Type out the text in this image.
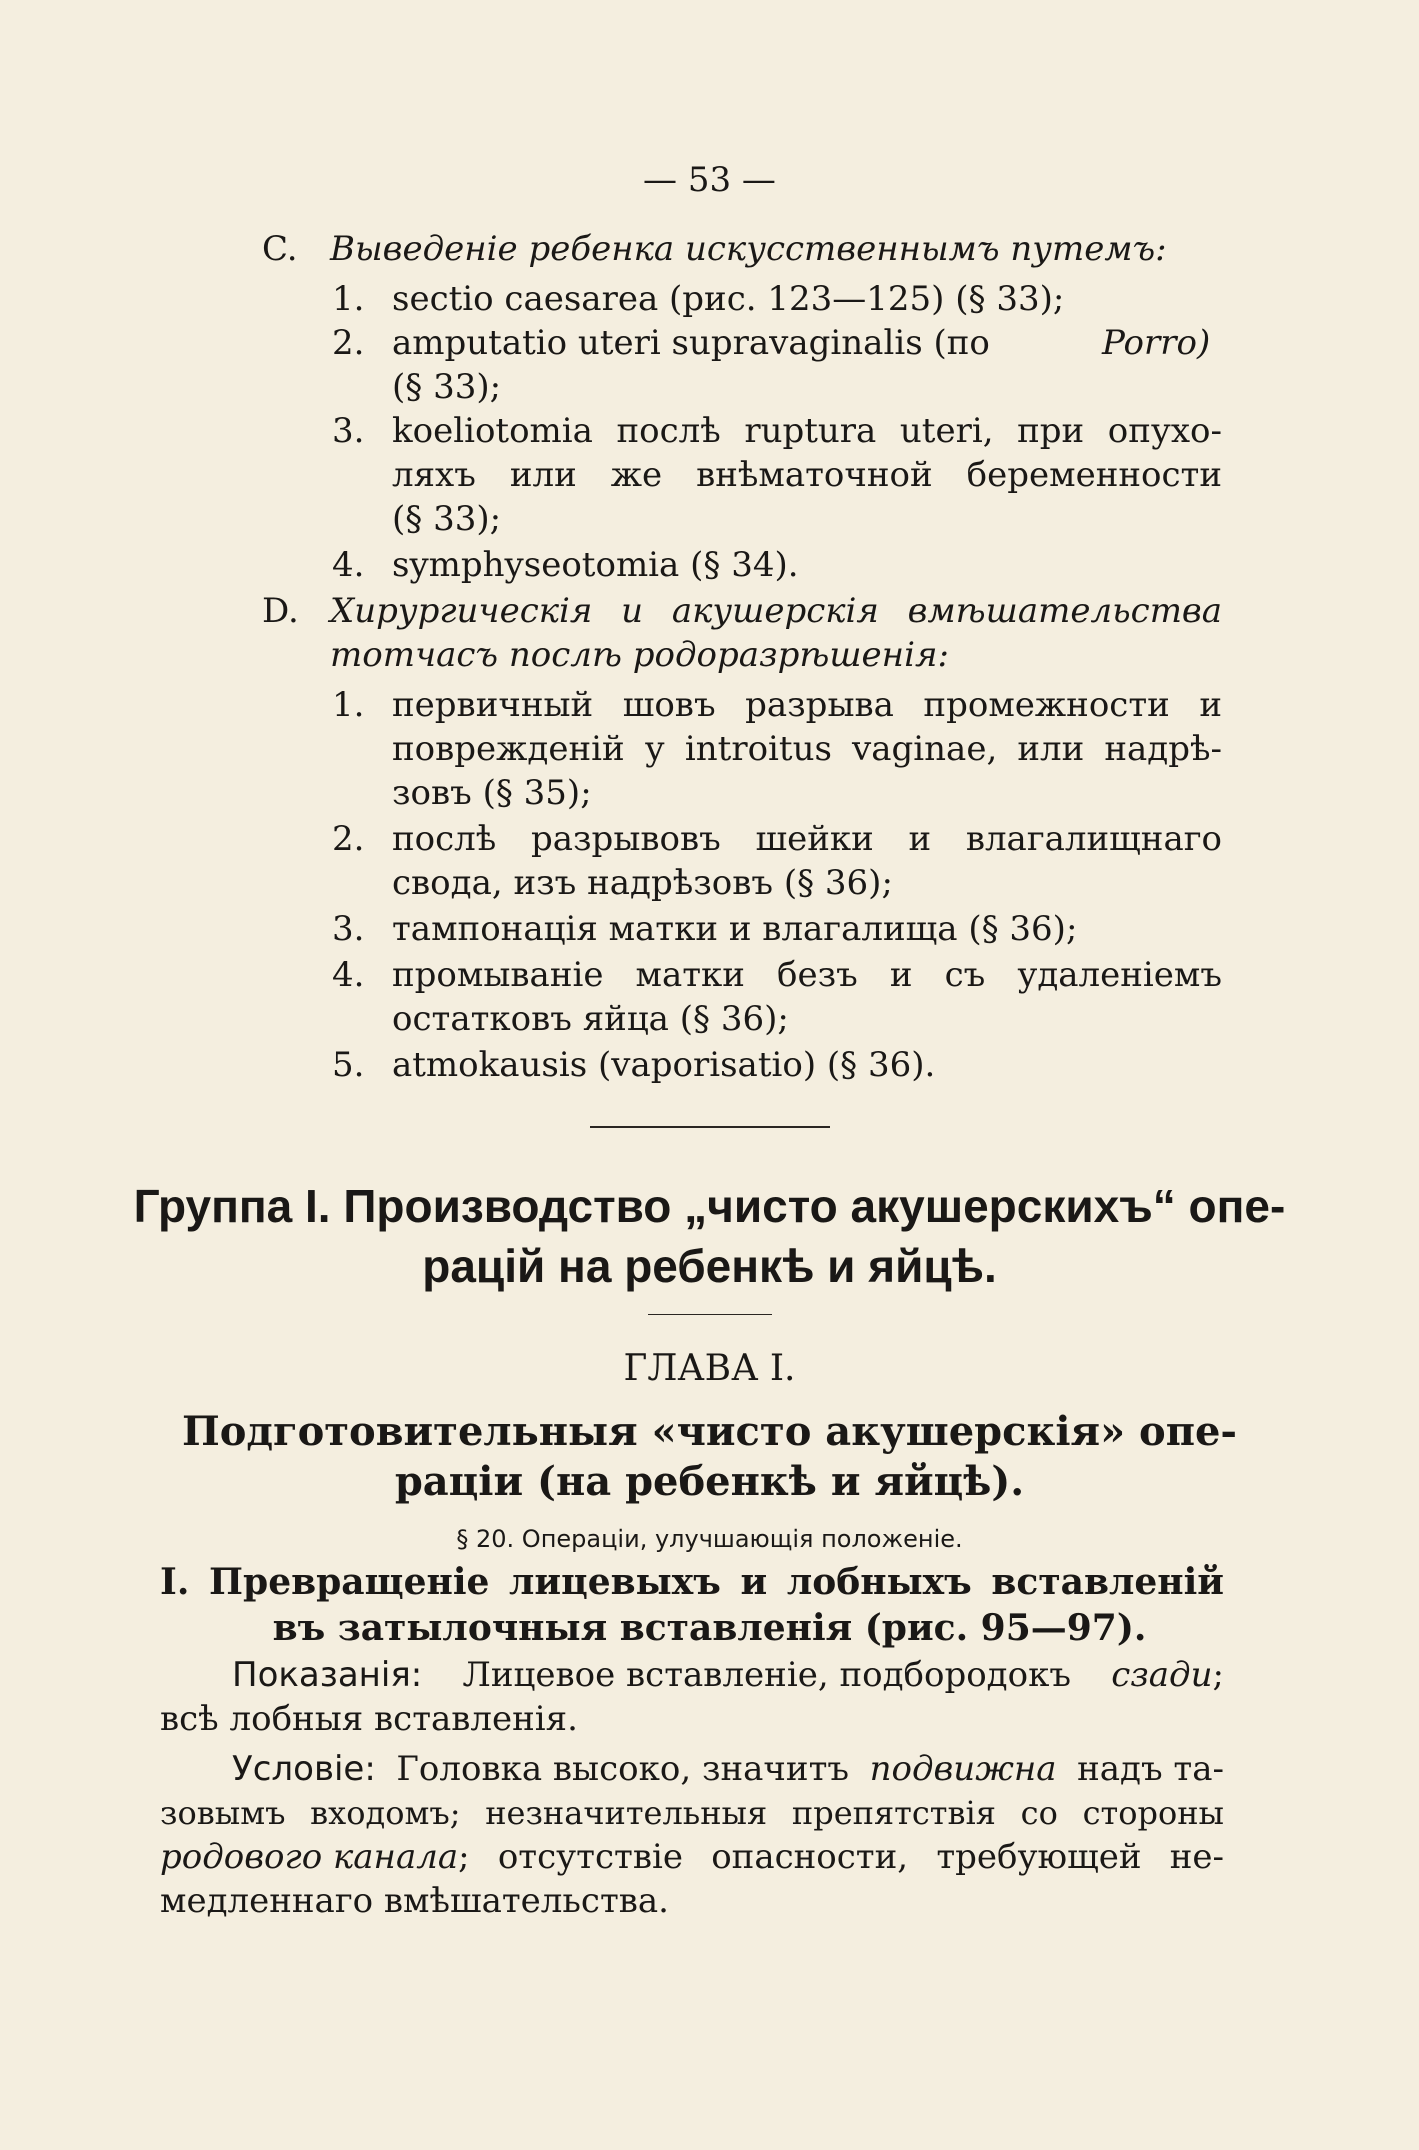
— 53 —
C. Выведеніе ребенка искусственнымъ путемъ:
1. sectio caesarea (рис. 123—125) (§ 33);
2. amputatio uteri supravaginalis (по	Porro)
(§ 33);
3. koeliotomia послѣ ruptura uteri, при опухо-
ляхъ или же внѣматочной беременности
(§ 33);
4. symphyseotomia (§ 34).
D. Хирургическія и акушерскія вмѣшательства
тотчасъ послѣ родоразрѣшенія:
1. первичный шовъ разрыва промежности и
поврежденій у introitus vaginae, или надрѣ-
зовъ (§ 35);
2. послѣ разрывовъ шейки и влагалищнаго
свода, изъ надрѣзовъ (§ 36);
3. тампонація матки и влагалища (§ 36);
4. промываніе матки безъ и съ удаленіемъ
остатковъ яйца (§ 36);
5. atmokausis (vaporisatio) (§ 36).
Группа I. Производство „чисто акушерскихъ“ опе-
рацій на ребенкѣ и яйцѣ.
ГЛАВА I.
Подготовительныя «чисто акушерскія» опе-
раціи (на ребенкѣ и яйцѣ).
§ 20. Операціи, улучшающія положеніе.
I. Превращеніе лицевыхъ и лобныхъ вставленій
въ затылочныя вставленія (рис. 95—97).
Показанія: Лицевое вставленіе, подбородокъ сзади;
всѣ лобныя вставленія.
Условіе: Головка высоко, значитъ подвижна надъ та-
зовымъ входомъ; незначительныя препятствія со стороны
родового канала ; отсутствіе опасности, требующей не-
медленнаго вмѣшательства.
